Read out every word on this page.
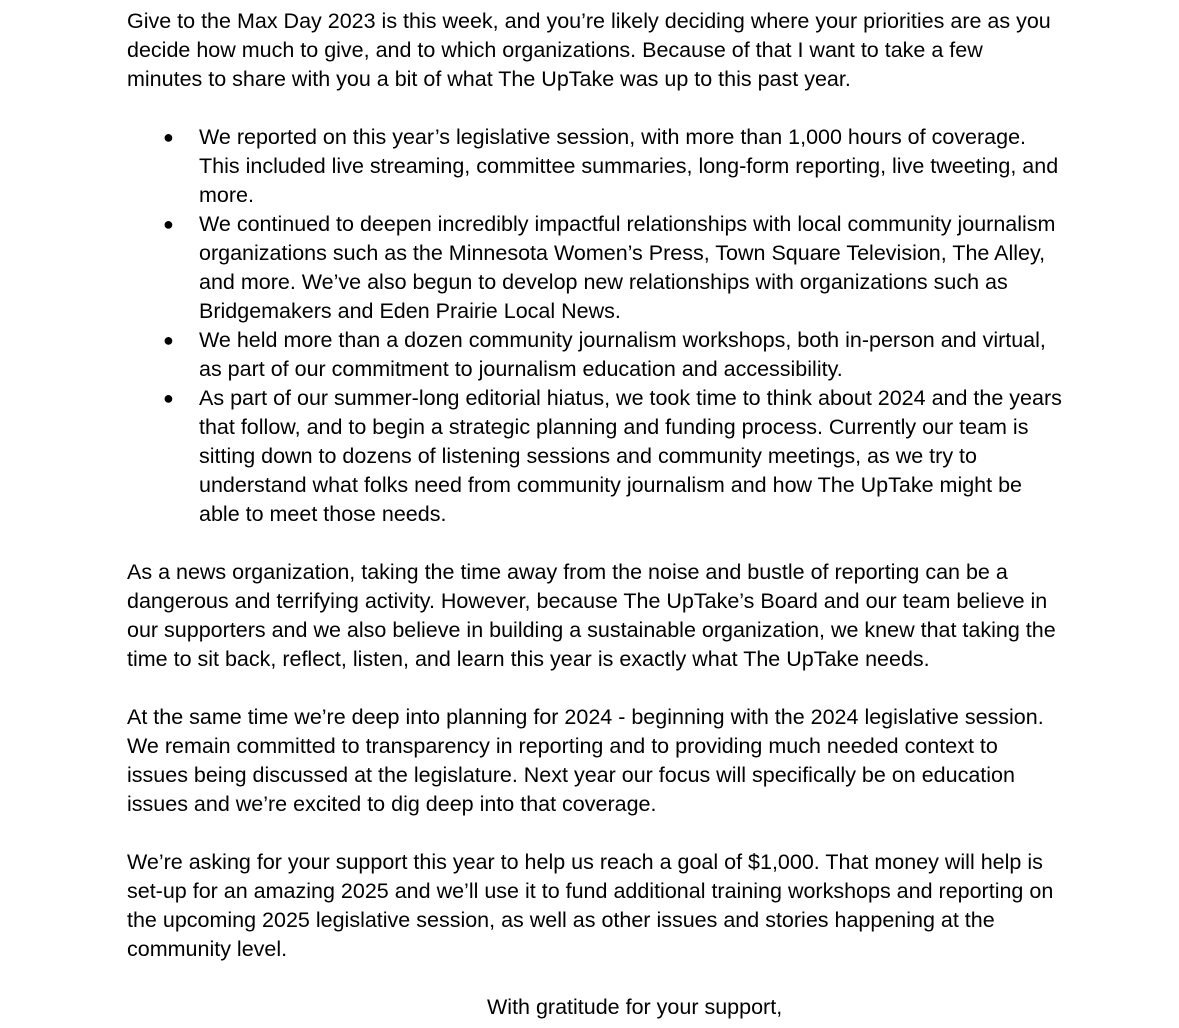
Give to the Max Day 2023 is this week, and you’re likely deciding where your priorities are as you decide how much to give, and to which organizations. Because of that I want to take a few minutes to share with you a bit of what The UpTake was up to this past year.

● We reported on this year’s legislative session, with more than 1,000 hours of coverage. This included live streaming, committee summaries, long-form reporting, live tweeting, and more.
● We continued to deepen incredibly impactful relationships with local community journalism organizations such as the Minnesota Women’s Press, Town Square Television, The Alley, and more. We’ve also begun to develop new relationships with organizations such as Bridgemakers and Eden Prairie Local News.
● We held more than a dozen community journalism workshops, both in-person and virtual, as part of our commitment to journalism education and accessibility.
● As part of our summer-long editorial hiatus, we took time to think about 2024 and the years that follow, and to begin a strategic planning and funding process. Currently our team is sitting down to dozens of listening sessions and community meetings, as we try to understand what folks need from community journalism and how The UpTake might be able to meet those needs.

As a news organization, taking the time away from the noise and bustle of reporting can be a dangerous and terrifying activity. However, because The UpTake’s Board and our team believe in our supporters and we also believe in building a sustainable organization, we knew that taking the time to sit back, reflect, listen, and learn this year is exactly what The UpTake needs.

At the same time we’re deep into planning for 2024 - beginning with the 2024 legislative session. We remain committed to transparency in reporting and to providing much needed context to issues being discussed at the legislature. Next year our focus will specifically be on education issues and we’re excited to dig deep into that coverage.

We’re asking for your support this year to help us reach a goal of $1,000. That money will help is set-up for an amazing 2025 and we’ll use it to fund additional training workshops and reporting on the upcoming 2025 legislative session, as well as other issues and stories happening at the community level.

With gratitude for your support,
